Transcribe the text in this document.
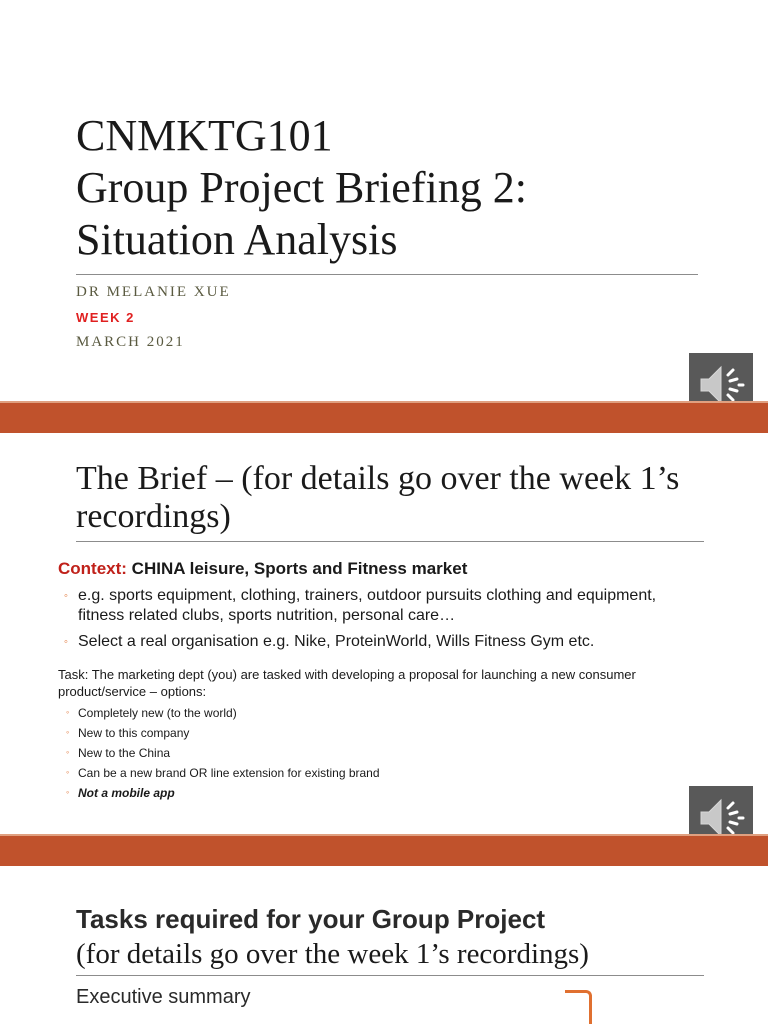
CNMKTG101
Group Project Briefing 2:
Situation Analysis
DR MELANIE XUE
WEEK 2
MARCH 2021
The Brief – (for details go over the week 1’s recordings)
Context: CHINA leisure, Sports and Fitness market
◦ e.g. sports equipment, clothing, trainers, outdoor pursuits clothing and equipment, fitness related clubs, sports nutrition, personal care…
◦ Select a real organisation e.g. Nike, ProteinWorld, Wills Fitness Gym etc.
Task: The marketing dept (you) are tasked with developing a proposal for launching a new consumer product/service – options:
◦ Completely new (to the world)
◦ New to this company
◦ New to the China
◦ Can be a new brand OR line extension for existing brand
◦ Not a mobile app
Tasks required for your Group Project
(for details go over the week 1’s recordings)
Executive summary
